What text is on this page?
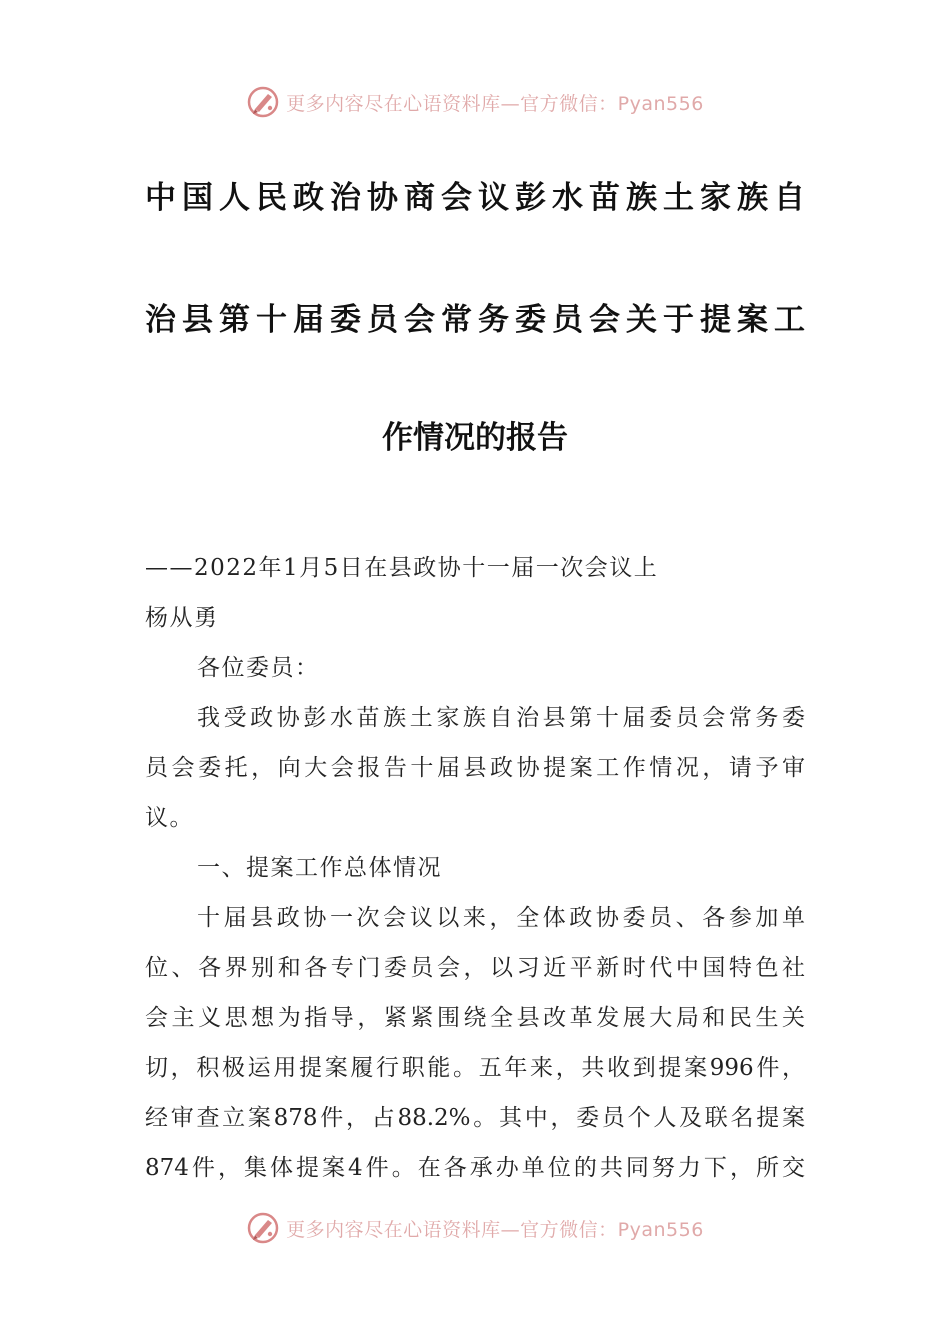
更多内容尽在心语资料库—官方微信：Pyan556
中国人民政治协商会议彭水苗族土家族自
治县第十届委员会常务委员会关于提案工
作情况的报告

——2022年1月5日在县政协十一届一次会议上

杨从勇

各位委员：

我受政协彭水苗族土家族自治县第十届委员会常务委

员会委托，向大会报告十届县政协提案工作情况，请予审

议。

一、提案工作总体情况

十届县政协一次会议以来，全体政协委员、各参加单

位、各界别和各专门委员会，以习近平新时代中国特色社

会主义思想为指导，紧紧围绕全县改革发展大局和民生关

切，积极运用提案履行职能。五年来，共收到提案996件，

经审查立案878件，占88.2%。其中，委员个人及联名提案

874件，集体提案4件。在各承办单位的共同努力下，所交

更多内容尽在心语资料库—官方微信：Pyan556
